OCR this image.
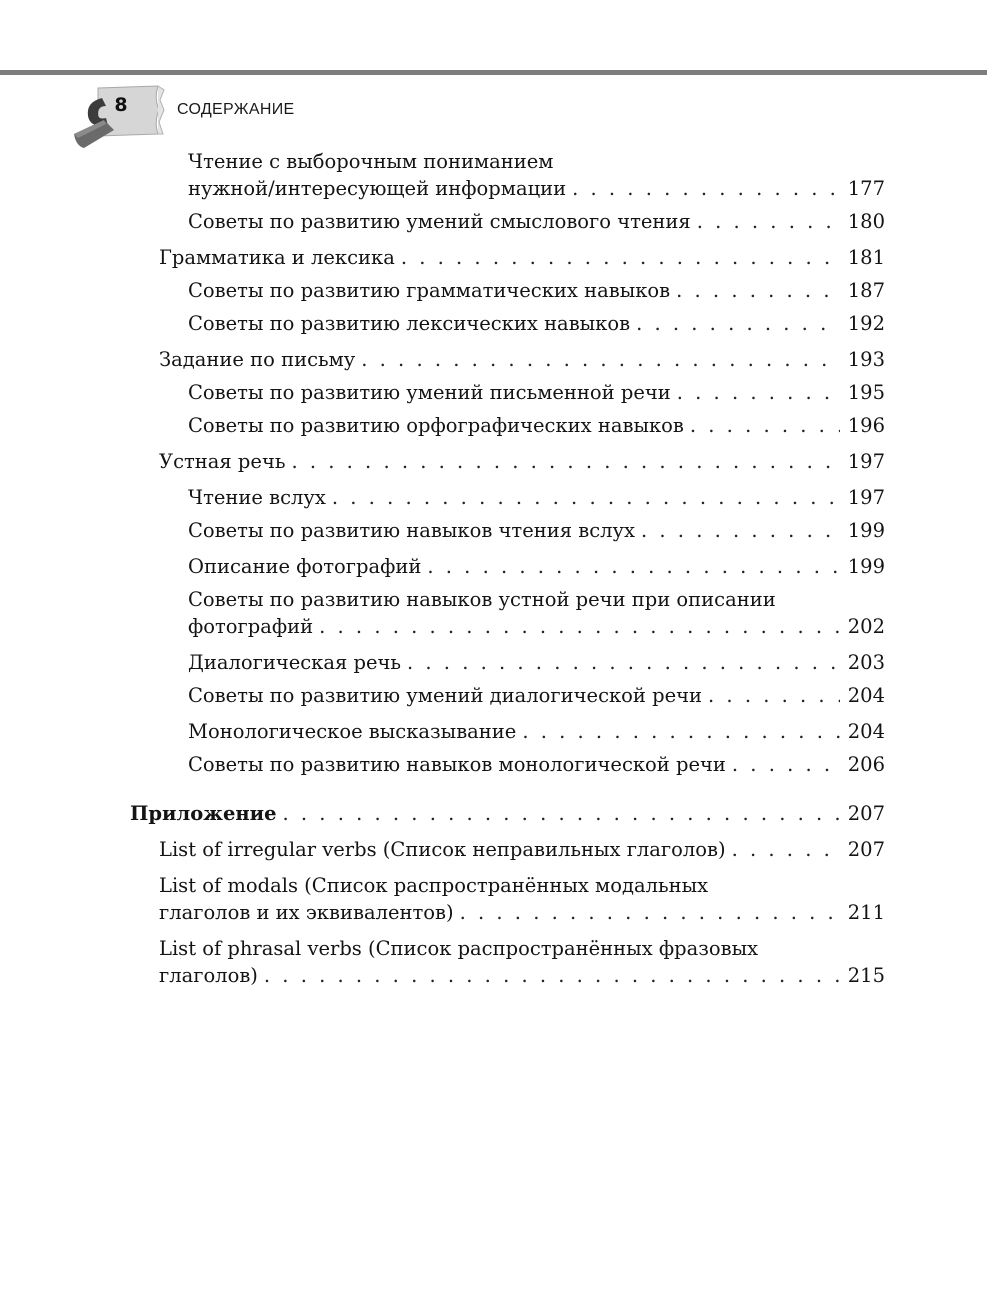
8	СОДЕРЖАНИЕ
Чтение с выборочным пониманием
нужной/интересующей информации . . .	177
Советы по развитию умений смыслового чтения . . .	180
Грамматика и лексика . . .	181
Советы по развитию грамматических навыков . . .	187
Советы по развитию лексических навыков . . .	192
Задание по письму . . .	193
Советы по развитию умений письменной речи . . .	195
Советы по развитию орфографических навыков . . .	196
Устная речь . . .	197
Чтение вслух . . .	197
Советы по развитию навыков чтения вслух . . .	199
Описание фотографий . . .	199
Советы по развитию навыков устной речи при описании
фотографий . . .	202
Диалогическая речь . . .	203
Советы по развитию умений диалогической речи . . .	204
Монологическое высказывание . . .	204
Советы по развитию навыков монологической речи . . .	206
Приложение . . .	207
List of irregular verbs (Список неправильных глаголов) . . .	207
List of modals (Список распространённых модальных
глаголов и их эквивалентов) . . .	211
List of phrasal verbs (Список распространённых фразовых
глаголов) . . .	215
